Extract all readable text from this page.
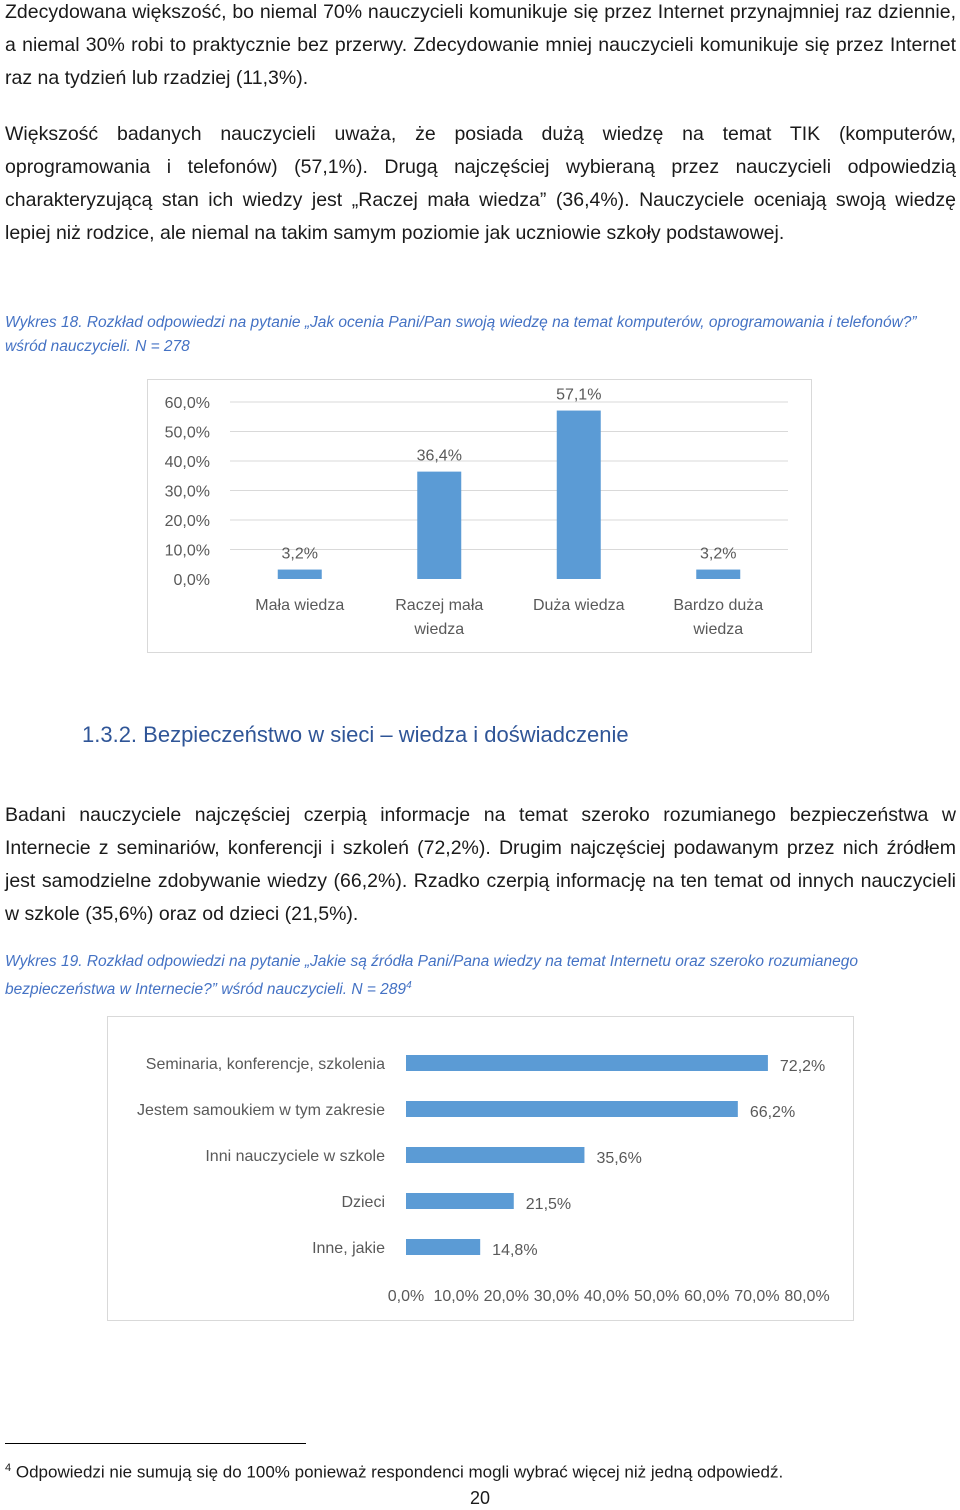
Zdecydowana większość, bo niemal 70% nauczycieli komunikuje się przez Internet przynajmniej raz dziennie, a niemal 30% robi to praktycznie bez przerwy. Zdecydowanie mniej nauczycieli komunikuje się przez Internet raz na tydzień lub rzadziej (11,3%).

Większość badanych nauczycieli uważa, że posiada dużą wiedzę na temat TIK (komputerów, oprogramowania i telefonów) (57,1%). Drugą najczęściej wybieraną przez nauczycieli odpowiedzią charakteryzującą stan ich wiedzy jest „Raczej mała wiedza” (36,4%). Nauczyciele oceniają swoją wiedzę lepiej niż rodzice, ale niemal na takim samym poziomie jak uczniowie szkoły podstawowej.

Wykres 18. Rozkład odpowiedzi na pytanie „Jak ocenia Pani/Pan swoją wiedzę na temat komputerów, oprogramowania i telefonów?” wśród nauczycieli. N = 278

60,0%
50,0%
40,0%
30,0%
20,0%
10,0%
0,0%
3,2%
Mała wiedza
36,4%
Raczej mała
wiedza
57,1%
Duża wiedza
3,2%
Bardzo duża
wiedza
1.3.2. Bezpieczeństwo w sieci – wiedza i doświadczenie

Badani nauczyciele najczęściej czerpią informacje na temat szeroko rozumianego bezpieczeństwa w Internecie z seminariów, konferencji i szkoleń (72,2%). Drugim najczęściej podawanym przez nich źródłem jest samodzielne zdobywanie wiedzy (66,2%). Rzadko czerpią informację na ten temat od innych nauczycieli w szkole (35,6%) oraz od dzieci (21,5%).

Wykres 19. Rozkład odpowiedzi na pytanie „Jakie są źródła Pani/Pana wiedzy na temat Internetu oraz szeroko rozumianego bezpieczeństwa w Internecie?” wśród nauczycieli. $N = 289^4$

Seminaria, konferencje, szkolenia	72,2%
Jestem samoukiem w tym zakresie	66,2%
Inni nauczyciele w szkole	35,6%
Dzieci	21,5%
Inne, jakie	14,8%
0,0% 10,0% 20,0% 30,0% 40,0% 50,0% 60,0% 70,0% 80,0%

$^4$ Odpowiedzi nie sumują się do 100% ponieważ respondenci mogli wybrać więcej niż jedną odpowiedź.

20
